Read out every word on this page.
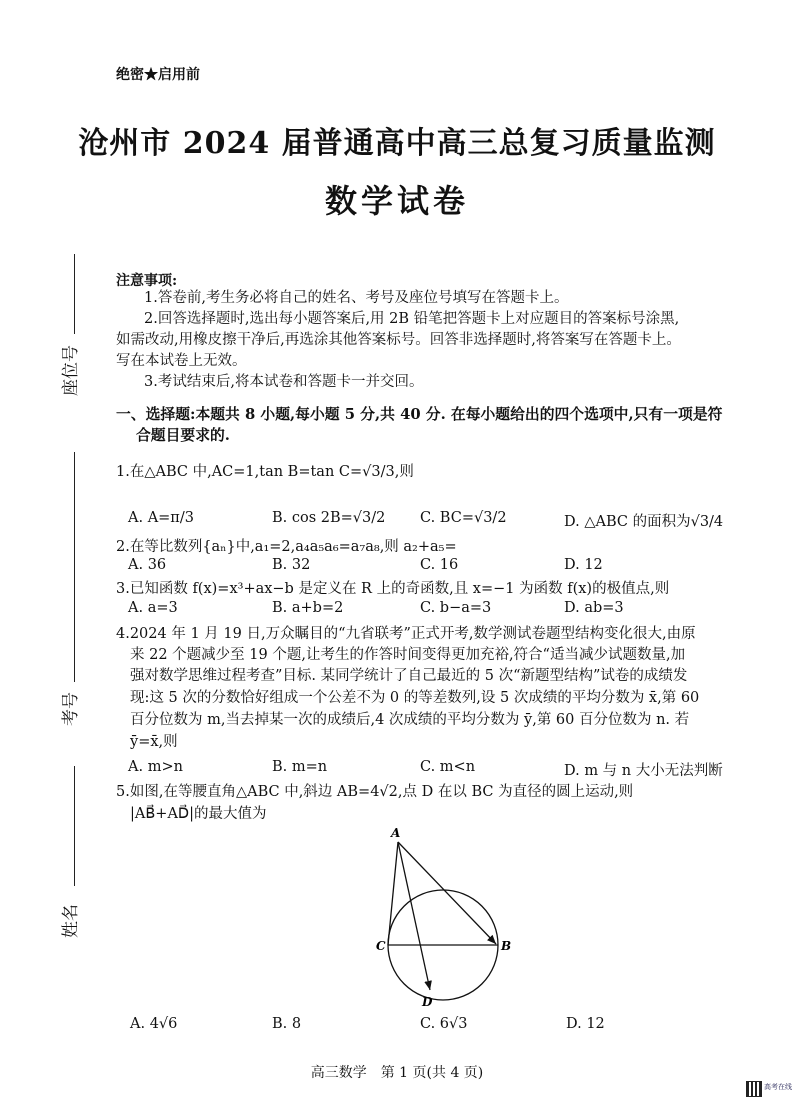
绝密★启用前
沧州市 2024 届普通高中高三总复习质量监测
数学试卷
座位号
考号
姓名
注意事项:
1.答卷前,考生务必将自己的姓名、考号及座位号填写在答题卡上。
2.回答选择题时,选出每小题答案后,用 2B 铅笔把答题卡上对应题目的答案标号涂黑,
如需改动,用橡皮擦干净后,再选涂其他答案标号。回答非选择题时,将答案写在答题卡上。
写在本试卷上无效。
3.考试结束后,将本试卷和答题卡一并交回。
一、选择题:本题共 8 小题,每小题 5 分,共 40 分. 在每小题给出的四个选项中,只有一项是符
合题目要求的.
1.在△ABC 中,AC=1,tan B=tan C=√3/3,则
A. A=π/3	B. cos 2B=√3/2 C. BC=√3/2	D. △ABC 的面积为√3/4
2.在等比数列{aₙ}中,a₁=2,a₄a₅a₆=a₇a₈,则 a₂+a₅=
A. 36	B. 32	C. 16	D. 12
3.已知函数 f(x)=x³+ax−b 是定义在 R 上的奇函数,且 x=−1 为函数 f(x)的极值点,则
A. a=3	B. a+b=2	C. b−a=3	D. ab=3
4.2024 年 1 月 19 日,万众瞩目的“九省联考”正式开考,数学测试卷题型结构变化很大,由原
来 22 个题减少至 19 个题,让考生的作答时间变得更加充裕,符合“适当减少试题数量,加
强对数学思维过程考查”目标. 某同学统计了自己最近的 5 次“新题型结构”试卷的成绩发
现:这 5 次的分数恰好组成一个公差不为 0 的等差数列,设 5 次成绩的平均分数为 x̄,第 60
百分位数为 m,当去掉某一次的成绩后,4 次成绩的平均分数为 ȳ,第 60 百分位数为 n. 若
ȳ=x̄,则
A. m>n	B. m=n	C. m<n	D. m 与 n 大小无法判断
5.如图,在等腰直角△ABC 中,斜边 AB=4√2,点 D 在以 BC 为直径的圆上运动,则
|AB⃗+AD⃗|的最大值为
A
B
C
D
A. 4√6	B. 8	C. 6√3	D. 12
高三数学　第 1 页(共 4 页)
高考在线
